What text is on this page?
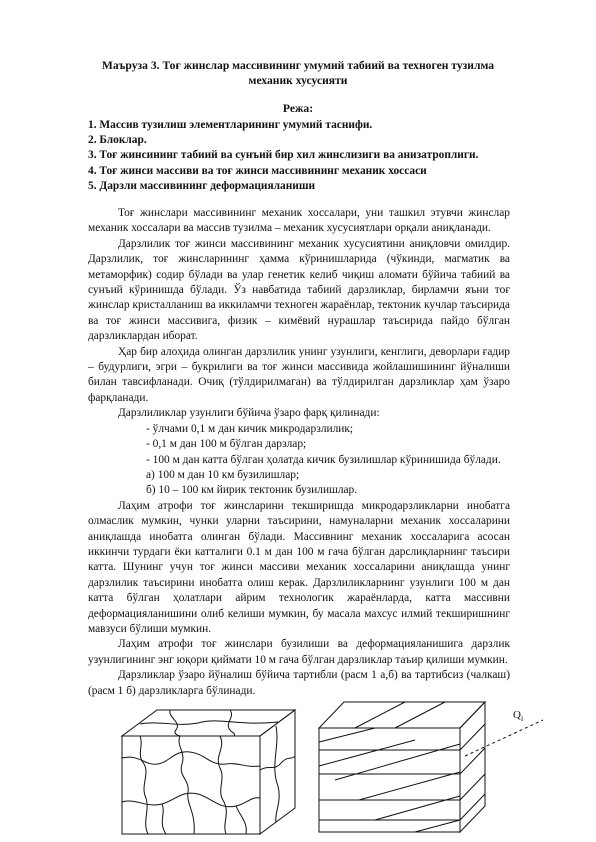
Маъруза 3. Тоғ жинслар массивининг умумий табиий ва техноген тузилма механик хусусияти
Режа:
1. Массив тузилиш элементларининг умумий таснифи.
2. Блоклар.
3. Тоғ жинсининг табиий ва сунъий бир хил жинслизиги ва анизатроплиги.
4. Тоғ жинси массиви ва тоғ жинси массивининг механик хоссаси
5. Дарзли массивининг деформацияланиши

Тоғ жинслари массивининг механик хоссалари, уни ташкил этувчи жинслар механик хоссалари ва массив тузилма – механик хусусиятлари орқали аниқланади.

Дарзлилик тоғ жинси массивининг механик хусусиятини аниқловчи омилдир. Дарзлилик, тоғ жинсларининг ҳамма кўринишларида (чўкинди, магматик ва метаморфик) содир бўлади ва улар генетик келиб чиқиш аломати бўйича табиий ва сунъий кўринишда бўлади. Ўз навбатида табиий дарзликлар, бирламчи яъни тоғ жинслар кристалланиш ва иккиламчи техноген жараёнлар, тектоник кучлар таъсирида ва тоғ жинси массивига, физик – кимёвий нурашлар таъсирида пайдо бўлган дарзликлардан иборат.

Ҳар бир алоҳида олинган дарзлилик унинг узунлиги, кенглиги, деворлари ғадир – будурлиги, эгри – букрилиги ва тоғ жинси массивида жойлашишининг йўналиши билан тавсифланади. Очиқ (тўлдирилмаган) ва тўлдирилган дарзликлар ҳам ўзаро фарқланади.

Дарзлиликлар узунлиги бўйича ўзаро фарқ қилинади:

- ўлчами 0,1 м дан кичик микродарзлилик;

- 0,1 м дан 100 м бўлган дарзлар;

- 100 м дан катта бўлган ҳолатда кичик бузилишлар кўринишида бўлади.

а) 100 м дан 10 км бузилишлар;

б) 10 – 100 км йирик тектоник бузилишлар.

Лаҳим атрофи тоғ жинсларини текширишда микродарзликларни инобатга олмаслик мумкин, чунки уларни таъсирини, намуналарни механик хоссаларини аниқлашда инобатга олинган бўлади. Массивнинг механик хоссаларига асосан иккинчи турдаги ёки катталиги 0.1 м дан 100 м гача бўлган дарслиқларнинг таъсири катта. Шунинг учун тоғ жинси массиви механик хоссаларини аниқлашда унинг дарзлилик таъсирини инобатга олиш керак. Дарзлиликларнинг узунлиги 100 м дан катта бўлган ҳолатлари айрим технологик жараёнларда, катта массивни деформацияланишини олиб келиши мумкин, бу масала махсус илмий текширишнинг мавзуси бўлиши мумкин.

Лаҳим атрофи тоғ жинслари бузилиши ва деформацияланишига дарзлик узунлигининг энг юқори қиймати 10 м гача бўлган дарзликлар таъир қилиши мумкин.

Дарзликлар ўзаро йўналиш бўйича тартибли (расм 1 а,б) ва тартибсиз (чалкаш) (расм 1 б) дарзликларга бўлинади.

$Q_i$
